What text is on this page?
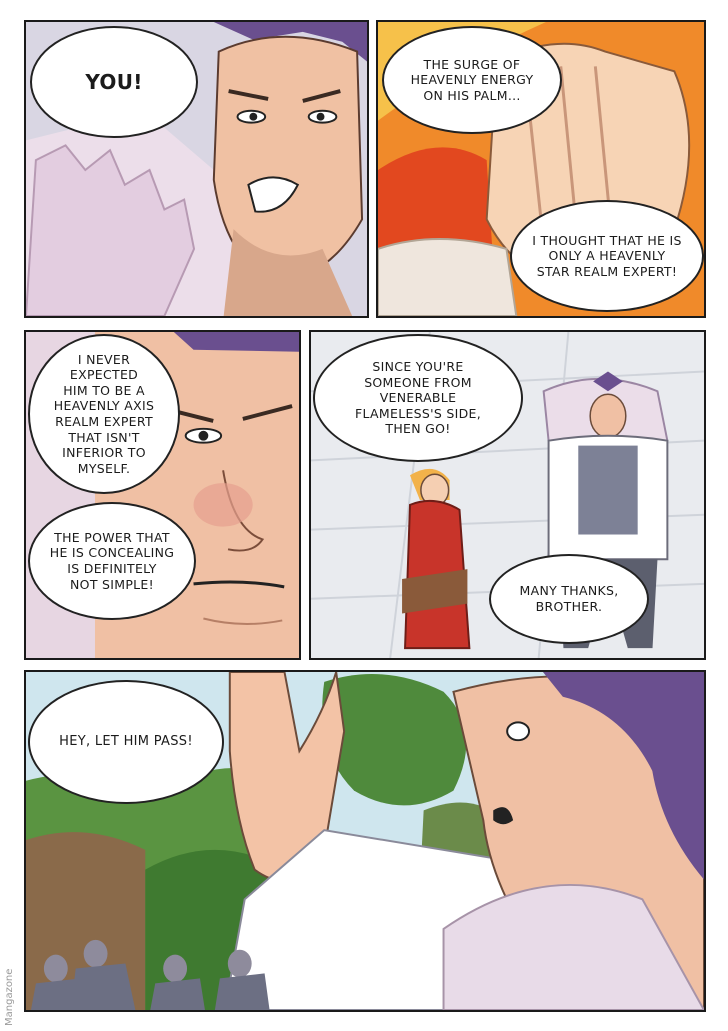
YOU!
THE SURGE OF
HEAVENLY ENERGY
ON HIS PALM...
I THOUGHT THAT HE IS
ONLY A HEAVENLY
STAR REALM EXPERT!
I NEVER
EXPECTED
HIM TO BE A
HEAVENLY AXIS
REALM EXPERT
THAT ISN'T
INFERIOR TO
MYSELF.
THE POWER THAT
HE IS CONCEALING
IS DEFINITELY
NOT SIMPLE!
SINCE YOU'RE
SOMEONE FROM
VENERABLE
FLAMELESS'S SIDE,
THEN GO!
MANY THANKS,
BROTHER.
HEY, LET HIM PASS!
Mangazone
